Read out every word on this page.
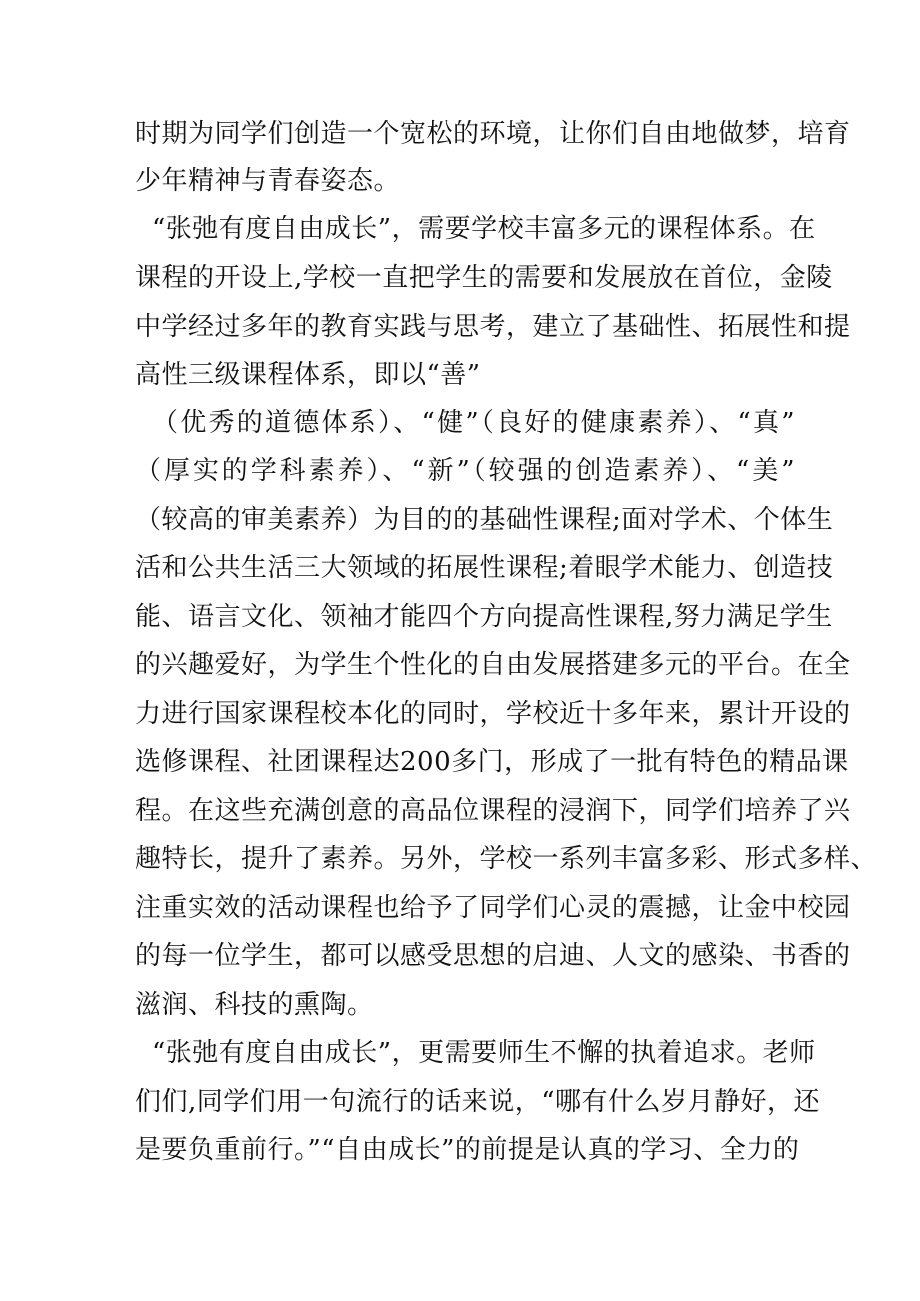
时期为同学们创造一个宽松的环境，让你们自由地做梦，培育
少年精神与青春姿态。
“张弛有度自由成长”，需要学校丰富多元的课程体系。在
课程的开设上,学校一直把学生的需要和发展放在首位，金陵
中学经过多年的教育实践与思考，建立了基础性、拓展性和提
高性三级课程体系，即以“善”
（优秀的道德体系）、“健”（良好的健康素养）、“真”
（厚实的学科素养）、“新”（较强的创造素养）、“美”
（较高的审美素养）为目的的基础性课程;面对学术、个体生
活和公共生活三大领域的拓展性课程;着眼学术能力、创造技
能、语言文化、领袖才能四个方向提高性课程,努力满足学生
的兴趣爱好，为学生个性化的自由发展搭建多元的平台。在全
力进行国家课程校本化的同时，学校近十多年来，累计开设的
选修课程、社团课程达200多门，形成了一批有特色的精品课
程。在这些充满创意的高品位课程的浸润下，同学们培养了兴
趣特长，提升了素养。另外，学校一系列丰富多彩、形式多样、
注重实效的活动课程也给予了同学们心灵的震撼，让金中校园
的每一位学生，都可以感受思想的启迪、人文的感染、书香的
滋润、科技的熏陶。
“张弛有度自由成长”，更需要师生不懈的执着追求。老师
们们,同学们用一句流行的话来说，“哪有什么岁月静好，还
是要负重前行。”“自由成长”的前提是认真的学习、全力的
